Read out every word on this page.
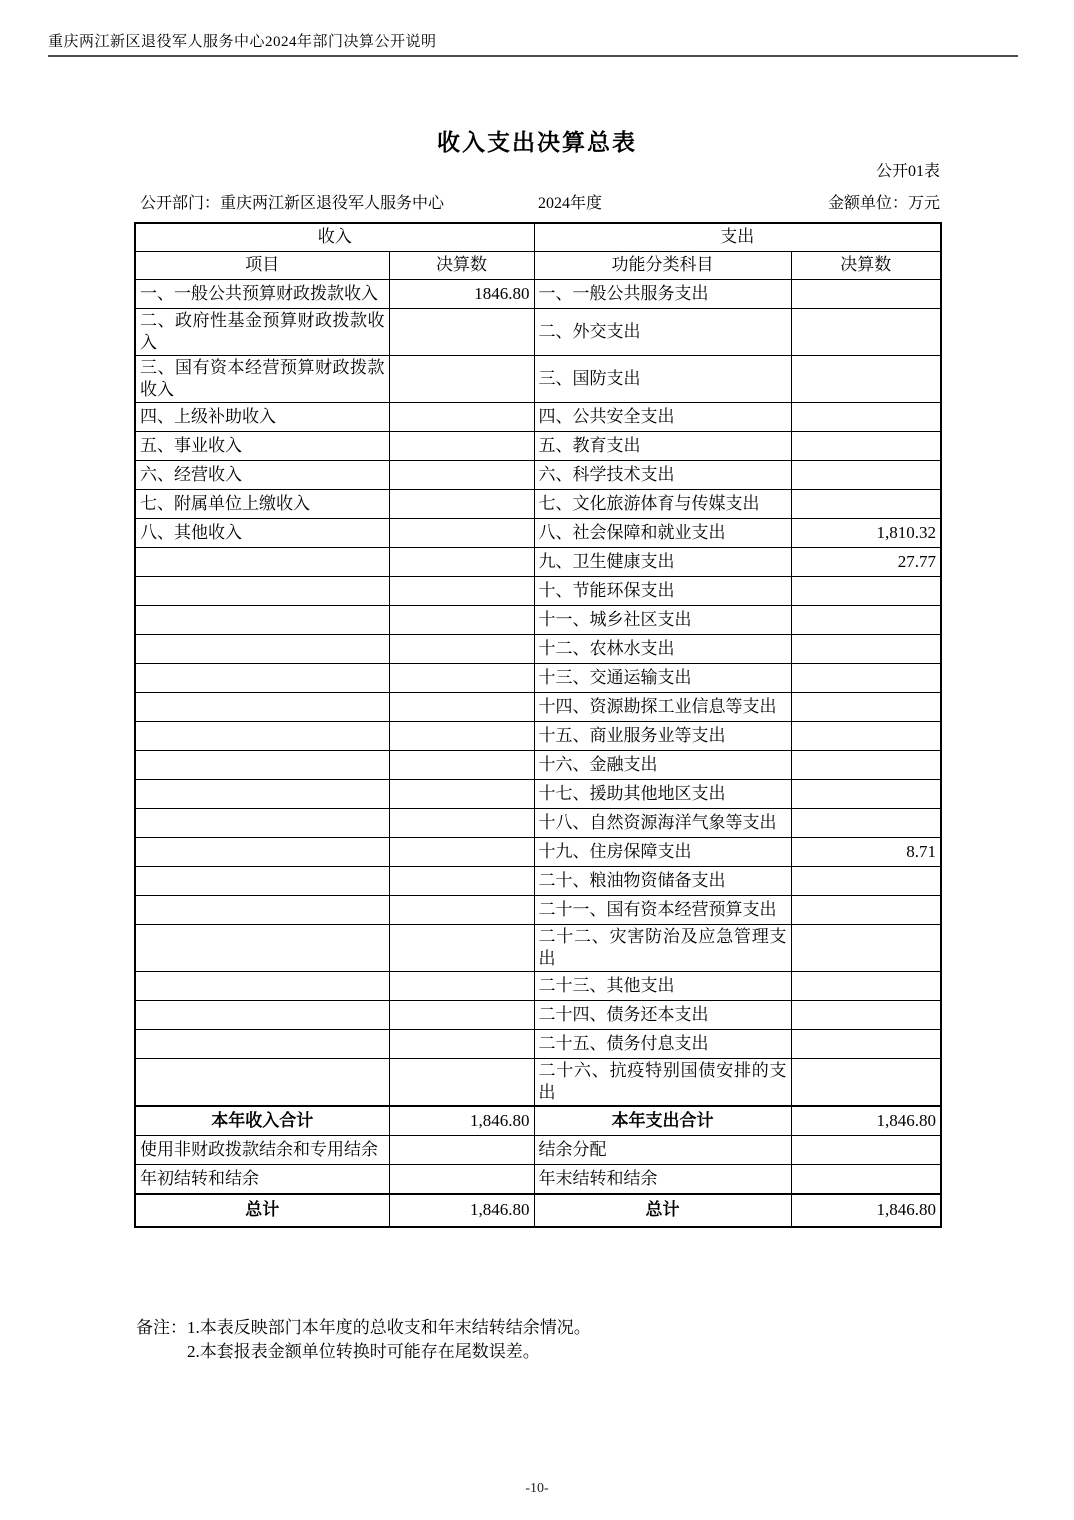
重庆两江新区退役军人服务中心2024年部门决算公开说明
收入支出决算总表
公开01表
公开部门：重庆两江新区退役军人服务中心	2024年度	金额单位：万元
收入		支出	
项目	决算数	功能分类科目	决算数
一、一般公共预算财政拨款收入	1846.80	一、一般公共服务支出	
二、政府性基金预算财政拨款收入		二、外交支出	
三、国有资本经营预算财政拨款收入		三、国防支出	
四、上级补助收入		四、公共安全支出	
五、事业收入		五、教育支出	
六、经营收入		六、科学技术支出	
七、附属单位上缴收入		七、文化旅游体育与传媒支出	
八、其他收入		八、社会保障和就业支出	1,810.32
		九、卫生健康支出	27.77
		十、节能环保支出	
		十一、城乡社区支出	
		十二、农林水支出	
		十三、交通运输支出	
		十四、资源勘探工业信息等支出	
		十五、商业服务业等支出	
		十六、金融支出	
		十七、援助其他地区支出	
		十八、自然资源海洋气象等支出	
		十九、住房保障支出	8.71
		二十、粮油物资储备支出	
		二十一、国有资本经营预算支出	
		二十二、灾害防治及应急管理支出	
		二十三、其他支出	
		二十四、债务还本支出	
		二十五、债务付息支出	
		二十六、抗疫特别国债安排的支出	
本年收入合计	1,846.80	本年支出合计	1,846.80
使用非财政拨款结余和专用结余		结余分配	
年初结转和结余		年末结转和结余	
总计	1,846.80	总计	1,846.80
备注：1.本表反映部门本年度的总收支和年末结转结余情况。
2.本套报表金额单位转换时可能存在尾数误差。
-10-
